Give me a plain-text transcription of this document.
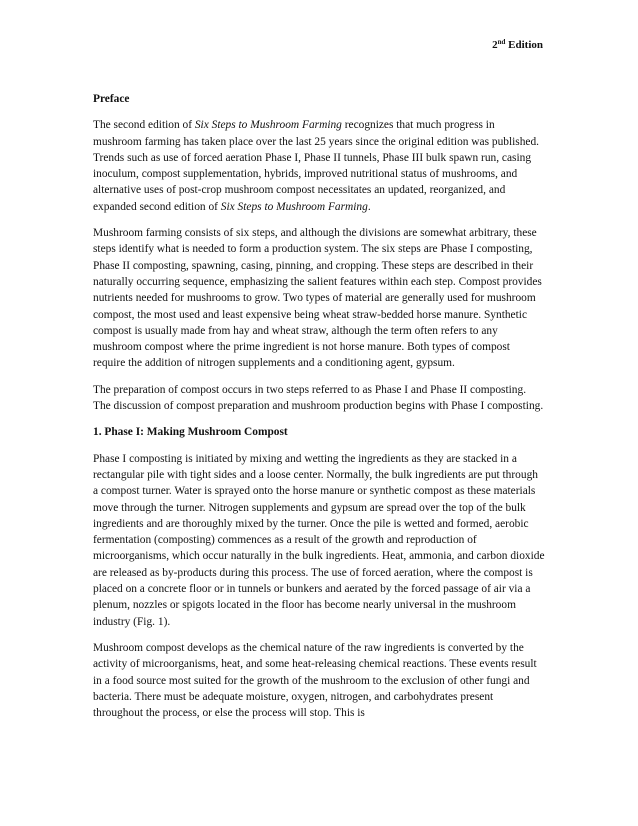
2nd Edition
Preface
The second edition of Six Steps to Mushroom Farming recognizes that much progress in mushroom farming has taken place over the last 25 years since the original edition was published. Trends such as use of forced aeration Phase I, Phase II tunnels, Phase III bulk spawn run, casing inoculum, compost supplementation, hybrids, improved nutritional status of mushrooms, and alternative uses of post-crop mushroom compost necessitates an updated, reorganized, and expanded second edition of Six Steps to Mushroom Farming.
Mushroom farming consists of six steps, and although the divisions are somewhat arbitrary, these steps identify what is needed to form a production system. The six steps are Phase I composting, Phase II composting, spawning, casing, pinning, and cropping. These steps are described in their naturally occurring sequence, emphasizing the salient features within each step. Compost provides nutrients needed for mushrooms to grow. Two types of material are generally used for mushroom compost, the most used and least expensive being wheat straw-bedded horse manure. Synthetic compost is usually made from hay and wheat straw, although the term often refers to any mushroom compost where the prime ingredient is not horse manure. Both types of compost require the addition of nitrogen supplements and a conditioning agent, gypsum.
The preparation of compost occurs in two steps referred to as Phase I and Phase II composting. The discussion of compost preparation and mushroom production begins with Phase I composting.
1. Phase I: Making Mushroom Compost
Phase I composting is initiated by mixing and wetting the ingredients as they are stacked in a rectangular pile with tight sides and a loose center. Normally, the bulk ingredients are put through a compost turner. Water is sprayed onto the horse manure or synthetic compost as these materials move through the turner. Nitrogen supplements and gypsum are spread over the top of the bulk ingredients and are thoroughly mixed by the turner. Once the pile is wetted and formed, aerobic fermentation (composting) commences as a result of the growth and reproduction of microorganisms, which occur naturally in the bulk ingredients. Heat, ammonia, and carbon dioxide are released as by-products during this process. The use of forced aeration, where the compost is placed on a concrete floor or in tunnels or bunkers and aerated by the forced passage of air via a plenum, nozzles or spigots located in the floor has become nearly universal in the mushroom industry (Fig. 1).
Mushroom compost develops as the chemical nature of the raw ingredients is converted by the activity of microorganisms, heat, and some heat-releasing chemical reactions. These events result in a food source most suited for the growth of the mushroom to the exclusion of other fungi and bacteria. There must be adequate moisture, oxygen, nitrogen, and carbohydrates present throughout the process, or else the process will stop. This is
